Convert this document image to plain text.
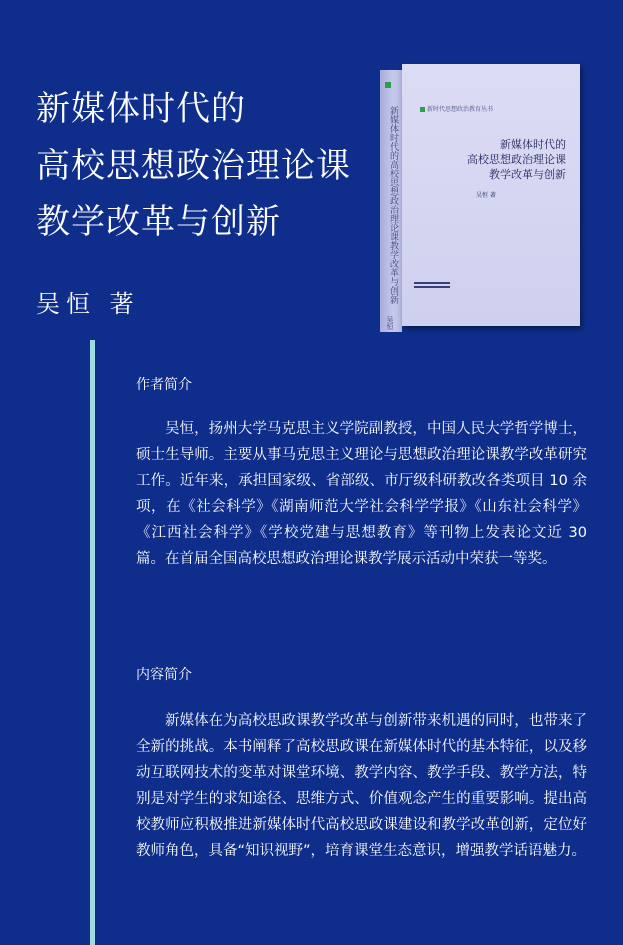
新媒体时代的
高校思想政治理论课
教学改革与创新
吴恒 著	新媒体时代的高校思想政治理论课教学改革与创新
吴恒
新时代思想政治教育丛书
新媒体时代的
高校思想政治理论课
教学改革与创新
吴恒 著
作者简介
吴恒，扬州大学马克思主义学院副教授，中国人民大学哲学博士，硕士生导师。主要从事马克思主义理论与思想政治理论课教学改革研究工作。近年来，承担国家级、省部级、市厅级科研教改各类项目 10 余项，在《社会科学》《湖南师范大学社会科学学报》《山东社会科学》《江西社会科学》《学校党建与思想教育》等刊物上发表论文近 30 篇。在首届全国高校思想政治理论课教学展示活动中荣获一等奖。
内容简介
新媒体在为高校思政课教学改革与创新带来机遇的同时，也带来了全新的挑战。本书阐释了高校思政课在新媒体时代的基本特征，以及移动互联网技术的变革对课堂环境、教学内容、教学手段、教学方法，特别是对学生的求知途径、思维方式、价值观念产生的重要影响。提出高校教师应积极推进新媒体时代高校思政课建设和教学改革创新，定位好教师角色，具备“知识视野”，培育课堂生态意识，增强教学话语魅力。
